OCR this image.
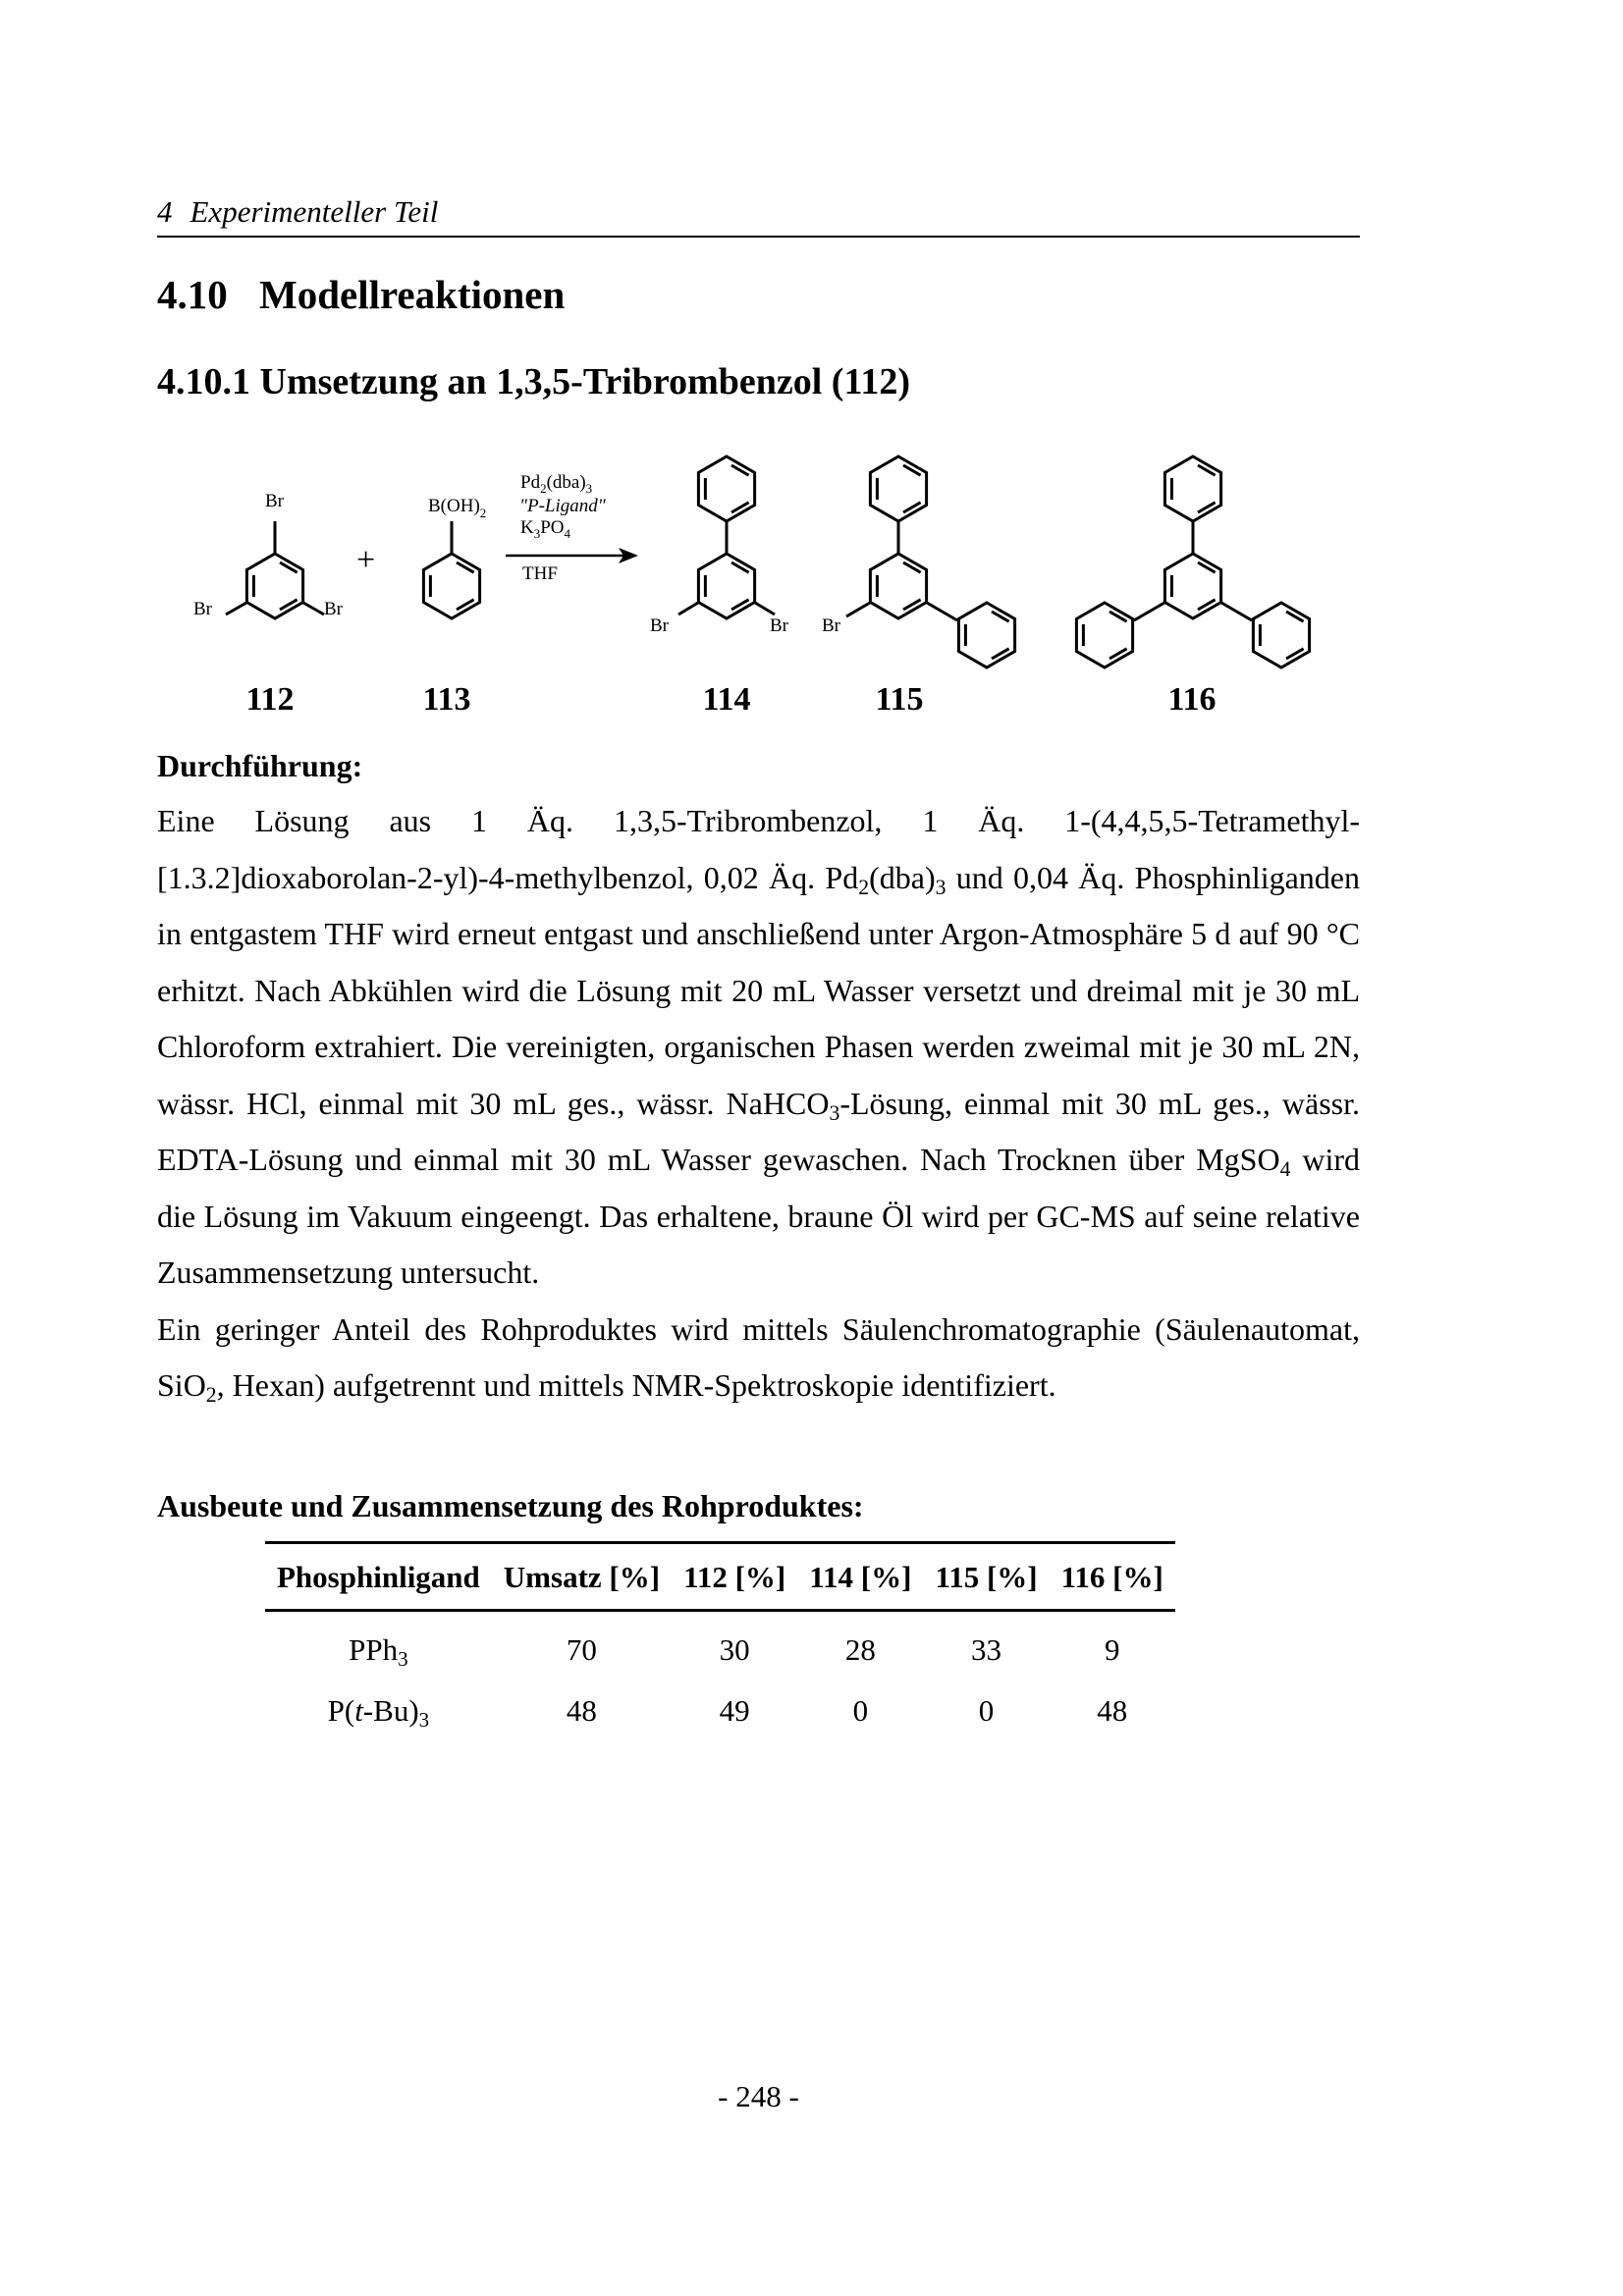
4 Experimenteller Teil
4.10 Modellreaktionen
4.10.1 Umsetzung an 1,3,5-Tribrombenzol (112)
Br
Br
Br
$B(OH)_2$
Br
Br	Br
+
$Pd_2(dba)_3$
"P-Ligand"
$K_3PO_4$
THF
112	113	114	115	116
Durchführung:

Eine Lösung aus 1 Äq. 1,3,5-Tribrombenzol, 1 Äq. 1-(4,4,5,5-Tetramethyl-[1.3.2]dioxaborolan-2-yl)-4-methylbenzol, 0,02 Äq. $Pd_2(dba)_3$ und 0,04 Äq. Phosphinliganden in entgastem THF wird erneut entgast und anschließend unter Argon-Atmosphäre 5 d auf 90 °C erhitzt. Nach Abkühlen wird die Lösung mit 20 mL Wasser versetzt und dreimal mit je 30 mL Chloroform extrahiert. Die vereinigten, organischen Phasen werden zweimal mit je 30 mL 2N, wässr. HCl, einmal mit 30 mL ges., wässr. NaHCO$_3$-Lösung, einmal mit 30 mL ges., wässr. EDTA-Lösung und einmal mit 30 mL Wasser gewaschen. Nach Trocknen über MgSO$_4$ wird die Lösung im Vakuum eingeengt. Das erhaltene, braune Öl wird per GC-MS auf seine relative Zusammensetzung untersucht.

Ein geringer Anteil des Rohproduktes wird mittels Säulenchromatographie (Säulenautomat, SiO$_2$, Hexan) aufgetrennt und mittels NMR-Spektroskopie identifiziert.

Ausbeute und Zusammensetzung des Rohproduktes:
Phosphinligand	Umsatz [%]	112 [%]	114 [%]	115 [%]	116 [%]
PPh$_3$	70	30	28	33	9
$P(t-Bu)_3$	48	49	0	0	48
- 248 -
